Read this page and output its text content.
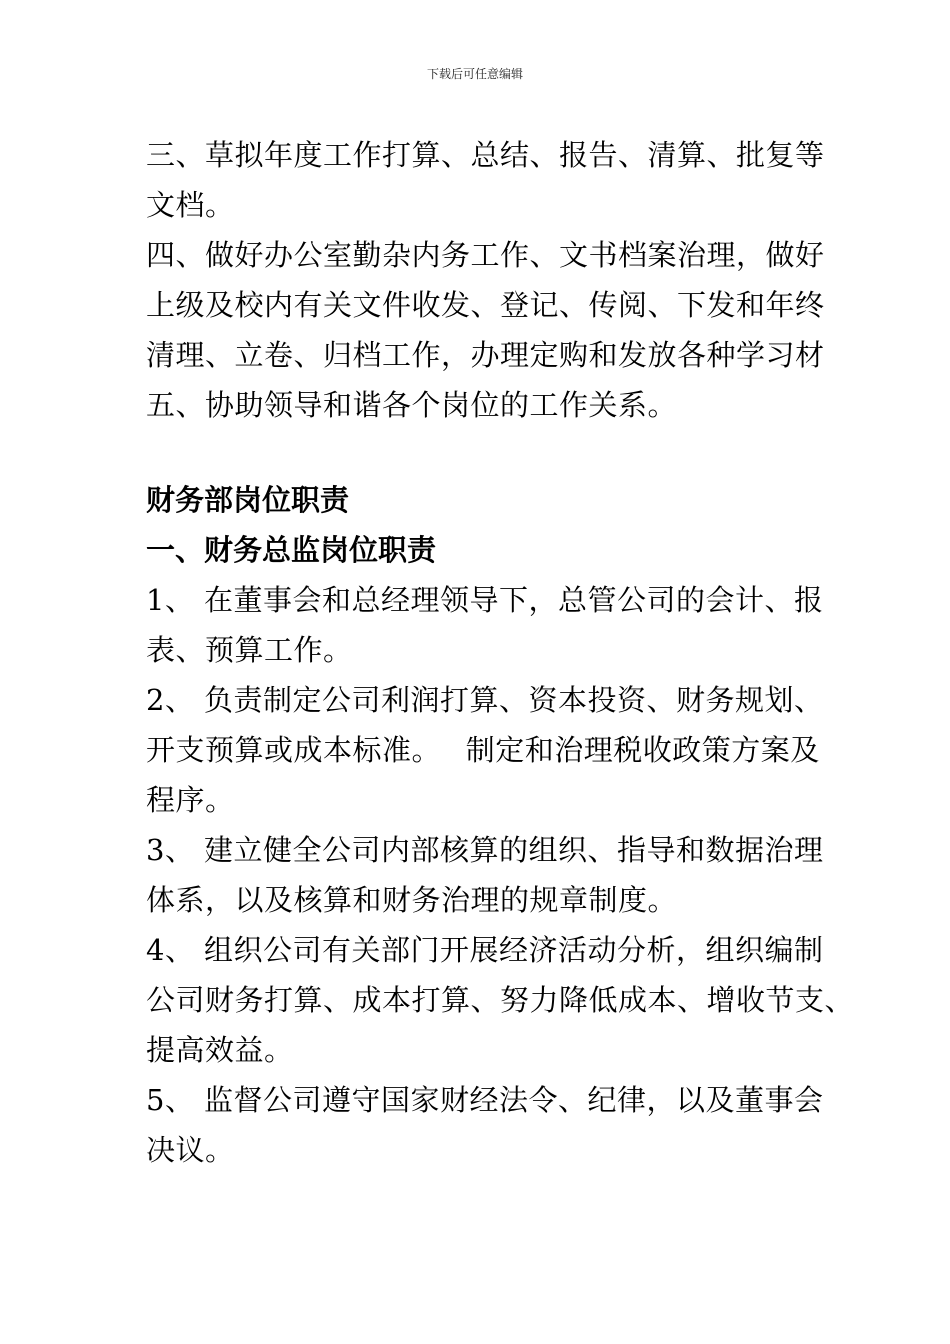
下载后可任意编辑
三、草拟年度工作打算、总结、报告、清算、批复等
文档。
四、做好办公室勤杂内务工作、文书档案治理，做好
上级及校内有关文件收发、登记、传阅、下发和年终
清理、立卷、归档工作，办理定购和发放各种学习材
五、协助领导和谐各个岗位的工作关系。
财务部岗位职责
一、财务总监岗位职责
1、 在董事会和总经理领导下，总管公司的会计、报
表、预算工作。
2、 负责制定公司利润打算、资本投资、财务规划、
开支预算或成本标准。　 制定和治理税收政策方案及
程序。
3、 建立健全公司内部核算的组织、指导和数据治理
体系，以及核算和财务治理的规章制度。
4、 组织公司有关部门开展经济活动分析，组织编制
公司财务打算、成本打算、努力降低成本、增收节支、
提高效益。
5、 监督公司遵守国家财经法令、纪律，以及董事会
决议。
